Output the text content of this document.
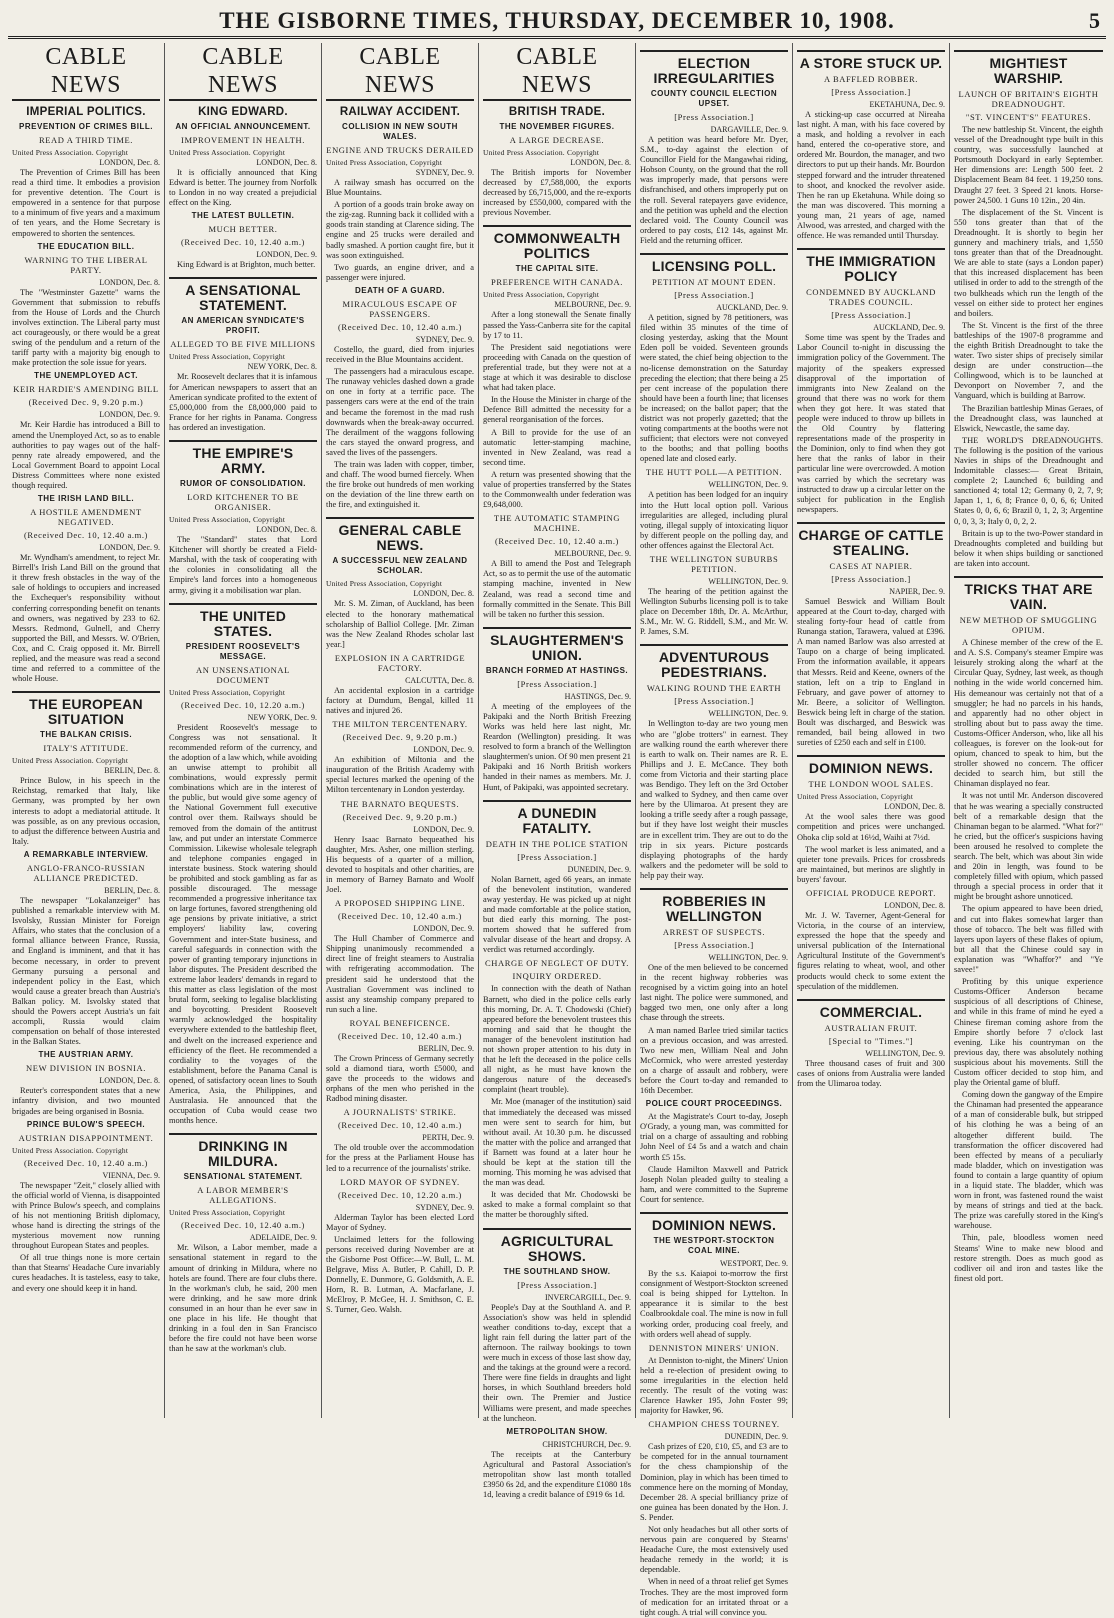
THE GISBORNE TIMES, THURSDAY, DECEMBER 10, 1908.	5
CABLE NEWS
IMPERIAL POLITICS.
PREVENTION OF CRIMES BILL.
READ A THIRD TIME.
United Press Association. Copyright
LONDON, Dec. 8.

The Prevention of Crimes Bill has been read a third time. It embodies a provision for preventive detention. The Court is empowered in a sentence for that purpose to a minimum of five years and a maximum of ten years, and the Home Secretary is empowered to shorten the sentences.

THE EDUCATION BILL.
WARNING TO THE LIBERAL PARTY.
LONDON, Dec. 8.

The "Westminster Gazette" warns the Government that submission to rebuffs from the House of Lords and the Church involves extinction. The Liberal party must act courageously, or there would be a great swing of the pendulum and a return of the tariff party with a majority big enough to make protection the sole issue for years.

THE UNEMPLOYED ACT.
KEIR HARDIE'S AMENDING BILL
(Received Dec. 9, 9.20 p.m.)
LONDON, Dec. 9.

Mr. Keir Hardie has introduced a Bill to amend the Unemployed Act, so as to enable authorities to pay wages out of the half-penny rate already empowered, and the Local Government Board to appoint Local Distress Committees where none existed though required.

THE IRISH LAND BILL.
A HOSTILE AMENDMENT NEGATIVED.
(Received Dec. 10, 12.40 a.m.)
LONDON, Dec. 9.

Mr. Wyndham's amendment, to reject Mr. Birrell's Irish Land Bill on the ground that it threw fresh obstacles in the way of the sale of holdings to occupiers and increased the Exchequer's responsibility without conferring corresponding benefit on tenants and owners, was negatived by 233 to 62. Messrs. Redmond, Gulnell, and Cherry supported the Bill, and Messrs. W. O'Brien, Cox, and C. Craig opposed it. Mr. Birrell replied, and the measure was read a second time and referred to a committee of the whole House.

THE EUROPEAN SITUATION
THE BALKAN CRISIS.
ITALY'S ATTITUDE.
United Press Association. Copyright
BERLIN, Dec. 8.

Prince Bulow, in his speech in the Reichstag, remarked that Italy, like Germany, was prompted by her own interests to adopt a mediatorial attitude. It was possible, as on any previous occasion, to adjust the difference between Austria and Italy.

A REMARKABLE INTERVIEW.
ANGLO-FRANCO-RUSSIAN ALLIANCE PREDICTED.
BERLIN, Dec. 8.

The newspaper "Lokalanzeiger" has published a remarkable interview with M. Isvolsky, Russian Minister for Foreign Affairs, who states that the conclusion of a formal alliance between France, Russia, and England is imminent, and that it has become necessary, in order to prevent Germany pursuing a personal and independent policy in the East, which would cause a greater breach than Austria's Balkan policy. M. Isvolsky stated that should the Powers accept Austria's un fait accompli, Russia would claim compensation on behalf of those interested in the Balkan States.

THE AUSTRIAN ARMY.
NEW DIVISION IN BOSNIA.
LONDON, Dec. 8.

Reuter's correspondent states that a new infantry division, and two mounted brigades are being organised in Bosnia.

PRINCE BULOW'S SPEECH.
AUSTRIAN DISAPPOINTMENT.
United Press Association. Copyright
(Received Dec. 10, 12.40 a.m.)
VIENNA, Dec. 9.

The newspaper "Zeit," closely allied with the official world of Vienna, is disappointed with Prince Bulow's speech, and complains of his not mentioning British diplomacy, whose hand is directing the strings of the mysterious movement now running throughout European States and peoples.

Of all true things none is more certain than that Stearns' Headache Cure invariably cures headaches. It is tasteless, easy to take, and every one should keep it in hand.

CABLE NEWS
KING EDWARD.
AN OFFICIAL ANNOUNCEMENT.
IMPROVEMENT IN HEALTH.
United Press Association. Copyright
LONDON, Dec. 8.

It is officially announced that King Edward is better. The journey from Norfolk to London in no way created a prejudicial effect on the King.

THE LATEST BULLETIN.
MUCH BETTER.
(Received Dec. 10, 12.40 a.m.)
LONDON, Dec. 9.

King Edward is at Brighton, much better.

A SENSATIONAL STATEMENT.
AN AMERICAN SYNDICATE'S PROFIT.
ALLEGED TO BE FIVE MILLIONS
United Press Association, Copyright
NEW YORK, Dec. 8.

Mr. Roosevelt declares that it is infamous for American newspapers to assert that an American syndicate profited to the extent of £5,000,000 from the £8,000,000 paid to France for her rights in Panama. Congress has ordered an investigation.

THE EMPIRE'S ARMY.
RUMOR OF CONSOLIDATION.
LORD KITCHENER TO BE ORGANISER.
United Press Association, Copyright
LONDON, Dec. 8.

The "Standard" states that Lord Kitchener will shortly be created a Field-Marshal, with the task of cooperating with the colonies in consolidating all the Empire's land forces into a homogeneous army, giving it a mobilisation war plan.

THE UNITED STATES.
PRESIDENT ROOSEVELT'S MESSAGE.
AN UNSENSATIONAL DOCUMENT
United Press Association, Copyright
(Received Dec. 10, 12.20 a.m.)
NEW YORK, Dec. 9.

President Roosevelt's message to Congress was not sensational. It recommended reform of the currency, and the adoption of a law which, while avoiding an unwise attempt to prohibit all combinations, would expressly permit combinations which are in the interest of the public, but would give some agency of the National Government full executive control over them. Railways should be removed from the domain of the antitrust law, and put under an interstate Commerce Commission. Likewise wholesale telegraph and telephone companies engaged in interstate business. Stock watering should be prohibited and stock gambling as far as possible discouraged. The message recommended a progressive inheritance tax on large fortunes, favored strengthening old age pensions by private initiative, a strict employers' liability law, covering Government and inter-State business, and careful safeguards in connection with the power of granting temporary injunctions in labor disputes. The President described the extreme labor leaders' demands in regard to this matter as class legislation of the most brutal form, seeking to legalise blacklisting and boycotting. President Roosevelt warmly acknowledged the hospitality everywhere extended to the battleship fleet, and dwelt on the increased experience and efficiency of the fleet. He recommended a cordiality to the voyages of the establishment, before the Panama Canal is opened, of satisfactory ocean lines to South America, Asia, the Philippines, and Australasia. He announced that the occupation of Cuba would cease two months hence.

DRINKING IN MILDURA.
SENSATIONAL STATEMENT.
A LABOR MEMBER'S ALLEGATIONS.
United Press Association, Copyright
(Received Dec. 10, 12.40 a.m.)
ADELAIDE, Dec. 9.

Mr. Wilson, a Labor member, made a sensational statement in regard to the amount of drinking in Mildura, where no hotels are found. There are four clubs there. In the workman's club, he said, 200 men were drinking, and he saw more drink consumed in an hour than he ever saw in one place in his life. He thought that drinking in a foul den in San Francisco before the fire could not have been worse than he saw at the workman's club.

CABLE NEWS
RAILWAY ACCIDENT.
COLLISION IN NEW SOUTH WALES.
ENGINE AND TRUCKS DERAILED
United Press Association, Copyright
SYDNEY, Dec. 9.

A railway smash has occurred on the Blue Mountains.

A portion of a goods train broke away on the zig-zag. Running back it collided with a goods train standing at Clarence siding. The engine and 25 trucks were derailed and badly smashed. A portion caught fire, but it was soon extinguished.

Two guards, an engine driver, and a passenger were injured.

DEATH OF A GUARD.
MIRACULOUS ESCAPE OF PASSENGERS.
(Received Dec. 10, 12.40 a.m.)
SYDNEY, Dec. 9.

Costello, the guard, died from injuries received in the Blue Mountains accident.

The passengers had a miraculous escape. The runaway vehicles dashed down a grade on one in forty at a terrific pace. The passengers cars were at the end of the train and became the foremost in the mad rush downwards when the break-away occurred. The derailment of the waggons following the cars stayed the onward progress, and saved the lives of the passengers.

The train was laden with copper, timber, and chaff. The wood burned fiercely. When the fire broke out hundreds of men working on the deviation of the line threw earth on the fire, and extinguished it.

GENERAL CABLE NEWS.
A SUCCESSFUL NEW ZEALAND SCHOLAR.
United Press Association, Copyright
LONDON, Dec. 8.

Mr. S. M. Ziman, of Auckland, has been elected to the honorary mathematical scholarship of Balliol College. [Mr. Ziman was the New Zealand Rhodes scholar last year.]

EXPLOSION IN A CARTRIDGE FACTORY.
CALCUTTA, Dec. 8.

An accidental explosion in a cartridge factory at Dumdum, Bengal, killed 11 natives and injured 26.

THE MILTON TERCENTENARY.
(Received Dec. 9, 9.20 p.m.)
LONDON, Dec. 9.

An exhibition of Miltonia and the inauguration of the British Academy with special lectures marked the opening of the Milton tercentenary in London yesterday.

THE BARNATO BEQUESTS.
(Received Dec. 9, 9.20 p.m.)
LONDON, Dec. 9.

Henry Isaac Barnato bequeathed his daughter, Mrs. Asher, one million sterling. His bequests of a quarter of a million, devoted to hospitals and other charities, are in memory of Barney Barnato and Woolf Joel.

A PROPOSED SHIPPING LINE.
(Received Dec. 10, 12.40 a.m.)
LONDON, Dec. 9.

The Hull Chamber of Commerce and Shipping unanimously recommended a direct line of freight steamers to Australia with refrigerating accommodation. The president said he understood that the Australian Government was inclined to assist any steamship company prepared to run such a line.

ROYAL BENEFICENCE.
(Received Dec. 10, 12.40 a.m.)
BERLIN, Dec. 9.

The Crown Princess of Germany secretly sold a diamond tiara, worth £5000, and gave the proceeds to the widows and orphans of the men who perished in the Radbod mining disaster.

A JOURNALISTS' STRIKE.
(Received Dec. 10, 12.40 a.m.)
PERTH, Dec. 9.

The old trouble over the accommodation for the press at the Parliament House has led to a recurrence of the journalists' strike.

LORD MAYOR OF SYDNEY.
(Received Dec. 10, 12.20 a.m.)
SYDNEY, Dec. 9.

Alderman Taylor has been elected Lord Mayor of Sydney.

Unclaimed letters for the following persons received during November are at the Gisborne Post Office:—W. Bull, L. M. Belgrave, Miss A. Butler, P. Cahill, D. P. Donnelly, E. Dunmore, G. Goldsmith, A. E. Horn, R. B. Lutman, A. Macfarlane, J. McElroy, P. McGee, H. J. Smithson, C. E. S. Turner, Geo. Walsh.

CABLE NEWS
BRITISH TRADE.
THE NOVEMBER FIGURES.
A LARGE DECREASE.
United Press Association. Copyright
LONDON, Dec. 8.

The British imports for November decreased by £7,588,000, the exports decreased by £6,715,000, and the re-exports increased by £550,000, compared with the previous November.

COMMONWEALTH POLITICS
THE CAPITAL SITE.
PREFERENCE WITH CANADA.
United Press Association, Copyright
MELBOURNE, Dec. 9.

After a long stonewall the Senate finally passed the Yass-Canberra site for the capital by 17 to 11.

The President said negotiations were proceeding with Canada on the question of preferential trade, but they were not at a stage at which it was desirable to disclose what had taken place.

In the House the Minister in charge of the Defence Bill admitted the necessity for a general reorganisation of the forces.

A Bill to provide for the use of an automatic letter-stamping machine, invented in New Zealand, was read a second time.

A return was presented showing that the value of properties transferred by the States to the Commonwealth under federation was £9,648,000.

THE AUTOMATIC STAMPING MACHINE.
(Received Dec. 10, 12.40 a.m.)
MELBOURNE, Dec. 9.

A Bill to amend the Post and Telegraph Act, so as to permit the use of the automatic stamping machine, invented in New Zealand, was read a second time and formally committed in the Senate. This Bill will be taken no further this session.

SLAUGHTERMEN'S UNION.
BRANCH FORMED AT HASTINGS.
[Press Association.]
HASTINGS, Dec. 9.

A meeting of the employees of the Pakipaki and the North British Freezing Works was held here last night, Mr. Reardon (Wellington) presiding. It was resolved to form a branch of the Wellington slaughtermen's union. Of 90 men present 21 Pakipaki and 16 North British workers handed in their names as members. Mr. J. Hunt, of Pakipaki, was appointed secretary.

A DUNEDIN FATALITY.
DEATH IN THE POLICE STATION
[Press Association.]
DUNEDIN, Dec. 9.

Nolan Barnett, aged 66 years, an inmate of the benevolent institution, wandered away yesterday. He was picked up at night and made comfortable at the police station, but died early this morning. The post-mortem showed that he suffered from valvular disease of the heart and dropsy. A verdict was returned accordingly.

CHARGE OF NEGLECT OF DUTY.
INQUIRY ORDERED.

In connection with the death of Nathan Barnett, who died in the police cells early this morning, Dr. A. T. Chodowski (Chief) appeared before the benevolent trustees this morning and said that he thought the manager of the benevolent institution had not shown proper attention to his duty in that he left the deceased in the police cells all night, as he must have known the dangerous nature of the deceased's complaint (heart trouble).

Mr. Moe (manager of the institution) said that immediately the deceased was missed men were sent to search for him, but without avail. At 10.30 p.m. he discussed the matter with the police and arranged that if Barnett was found at a later hour he should be kept at the station till the morning. This morning he was advised that the man was dead.

It was decided that Mr. Chodowski be asked to make a formal complaint so that the matter be thoroughly sifted.

AGRICULTURAL SHOWS.
THE SOUTHLAND SHOW.
[Press Association.]
INVERCARGILL, Dec. 9.

People's Day at the Southland A. and P. Association's show was held in splendid weather conditions to-day, except that a light rain fell during the latter part of the afternoon. The railway bookings to town were much in excess of those last show day, and the takings at the ground were a record. There were fine fields in draughts and light horses, in which Southland breeders hold their own. The Premier and Justice Williams were present, and made speeches at the luncheon.

METROPOLITAN SHOW.
CHRISTCHURCH, Dec. 9.

The receipts at the Canterbury Agricultural and Pastoral Association's metropolitan show last month totalled £3950 6s 2d, and the expenditure £1080 18s 1d, leaving a credit balance of £919 6s 1d.

ELECTION IRREGULARITIES
COUNTY COUNCIL ELECTION UPSET.
[Press Association.]
DARGAVILLE, Dec. 9.

A petition was heard before Mr. Dyer, S.M., to-day against the election of Councillor Field for the Mangawhai riding, Hobson County, on the ground that the roll was improperly made, that persons were disfranchised, and others improperly put on the roll. Several ratepayers gave evidence, and the petition was upheld and the election declared void. The County Council was ordered to pay costs, £12 14s, against Mr. Field and the returning officer.

LICENSING POLL.
PETITION AT MOUNT EDEN.
[Press Association.]
AUCKLAND, Dec. 9.

A petition, signed by 78 petitioners, was filed within 35 minutes of the time of closing yesterday, asking that the Mount Eden poll be voided. Seventeen grounds were stated, the chief being objection to the no-license demonstration on the Saturday preceding the election; that there being a 25 per cent increase of the population there should have been a fourth line; that licenses be increased; on the ballot paper; that the district was not properly gazetted; that the voting compartments at the booths were not sufficient; that electors were not conveyed to the booths; and that polling booths opened late and closed early.

THE HUTT POLL—A PETITION.
WELLINGTON, Dec. 9.

A petition has been lodged for an inquiry into the Hutt local option poll. Various irregularities are alleged, including plural voting, illegal supply of intoxicating liquor by different people on the polling day, and other offences against the Electoral Act.

THE WELLINGTON SUBURBS PETITION.
WELLINGTON, Dec. 9.

The hearing of the petition against the Wellington Suburbs licensing poll is to take place on December 18th, Dr. A. McArthur, S.M., Mr. W. G. Riddell, S.M., and Mr. W. P. James, S.M.

ADVENTUROUS PEDESTRIANS.
WALKING ROUND THE EARTH
[Press Association.]
WELLINGTON, Dec. 9.

In Wellington to-day are two young men who are "globe trotters" in earnest. They are walking round the earth wherever there is earth to walk on. Their names are R. E. Phillips and J. E. McCance. They both come from Victoria and their starting place was Bendigo. They left on the 3rd October and walked to Sydney, and then came over here by the Ulimaroa. At present they are looking a trifle seedy after a rough passage, but if they have lost weight their muscles are in excellent trim. They are out to do the trip in six years. Picture postcards displaying photographs of the hardy walkers and the pedometer will be sold to help pay their way.

ROBBERIES IN WELLINGTON
ARREST OF SUSPECTS.
[Press Association.]
WELLINGTON, Dec. 9.

One of the men believed to be concerned in the recent highway robberies was recognised by a victim going into an hotel last night. The police were summoned, and bagged two men, one only after a long chase through the streets.

A man named Barlee tried similar tactics on a previous occasion, and was arrested. Two new men, William Neal and John McCormick, who were arrested yesterday on a charge of assault and robbery, were before the Court to-day and remanded to 16th December.

POLICE COURT PROCEEDINGS.

At the Magistrate's Court to-day, Joseph O'Grady, a young man, was committed for trial on a charge of assaulting and robbing John Neel of £4 5s and a watch and chain worth £5 15s.

Claude Hamilton Maxwell and Patrick Joseph Nolan pleaded guilty to stealing a ham, and were committed to the Supreme Court for sentence.

DOMINION NEWS.
THE WESTPORT-STOCKTON COAL MINE.
WESTPORT, Dec. 9.

By the s.s. Kaiapoi to-morrow the first consignment of Westport-Stockton screened coal is being shipped for Lyttelton. In appearance it is similar to the best Coalbrookdale coal. The mine is now in full working order, producing coal freely, and with orders well ahead of supply.

DENNISTON MINERS' UNION.

At Denniston to-night, the Miners' Union held a re-election of president owing to some irregularities in the election held recently. The result of the voting was: Clarence Hawker 195, John Foster 99; majority for Hawker, 96.

CHAMPION CHESS TOURNEY.
DUNEDIN, Dec. 9.

Cash prizes of £20, £10, £5, and £3 are to be competed for in the annual tournament for the chess championship of the Dominion, play in which has been timed to commence here on the morning of Monday, December 28. A special brilliancy prize of one guinea has been donated by the Hon. J. S. Pender.

Not only headaches but all other sorts of nervous pain are conquered by Stearns' Headache Cure, the most extensively used headache remedy in the world; it is dependable.

When in need of a throat relief get Symes Troches. They are the most improved form of medication for an irritated throat or a tight cough. A trial will convince you.

A STORE STUCK UP.
A BAFFLED ROBBER.
[Press Association.]
EKETAHUNA, Dec. 9.

A sticking-up case occurred at Nireaha last night. A man, with his face covered by a mask, and holding a revolver in each hand, entered the co-operative store, and ordered Mr. Bourdon, the manager, and two directors to put up their hands. Mr. Bourdon stepped forward and the intruder threatened to shoot, and knocked the revolver aside. Then he ran up Eketahuna. While doing so the man was discovered. This morning a young man, 21 years of age, named Alwood, was arrested, and charged with the offence. He was remanded until Thursday.

THE IMMIGRATION POLICY
CONDEMNED BY AUCKLAND TRADES COUNCIL.
[Press Association.]
AUCKLAND, Dec. 9.

Some time was spent by the Trades and Labor Council to-night in discussing the immigration policy of the Government. The majority of the speakers expressed disapproval of the importation of immigrants into New Zealand on the ground that there was no work for them when they got here. It was stated that people were induced to throw up billets in the Old Country by flattering representations made of the prosperity in the Dominion, only to find when they got here that the ranks of labor in their particular line were overcrowded. A motion was carried by which the secretary was instructed to draw up a circular letter on the subject for publication in the English newspapers.

CHARGE OF CATTLE STEALING.
CASES AT NAPIER.
[Press Association.]
NAPIER, Dec. 9.

Samuel Beswick and William Boult appeared at the Court to-day, charged with stealing forty-four head of cattle from Runanga station, Tarawera, valued at £396. A man named Barlow was also arrested at Taupo on a charge of being implicated. From the information available, it appears that Messrs. Reid and Keene, owners of the station, left on a trip to England in February, and gave power of attorney to Mr. Beere, a solicitor of Wellington. Beswick being left in charge of the station. Boult was discharged, and Beswick was remanded, bail being allowed in two sureties of £250 each and self in £100.

DOMINION NEWS.
THE LONDON WOOL SALES.
United Press Association, Copyright
LONDON, Dec. 8.

At the wool sales there was good competition and prices were unchanged. Ohoka clip sold at 16½d, Waihi at 7½d.

The wool market is less animated, and a quieter tone prevails. Prices for crossbreds are maintained, but merinos are slightly in buyers' favour.

OFFICIAL PRODUCE REPORT.
LONDON, Dec. 8.

Mr. J. W. Taverner, Agent-General for Victoria, in the course of an interview, expressed the hope that the speedy and universal publication of the International Agricultural Institute of the Government's figures relating to wheat, wool, and other products would check to some extent the speculation of the middlemen.

COMMERCIAL.
AUSTRALIAN FRUIT.
[Special to "Times."]
WELLINGTON, Dec. 9.

Three thousand cases of fruit and 300 cases of onions from Australia were landed from the Ulimaroa today.

MIGHTIEST WARSHIP.
LAUNCH OF BRITAIN'S EIGHTH DREADNOUGHT.
"ST. VINCENT'S" FEATURES.

The new battleship St. Vincent, the eighth vessel of the Dreadnought type built in this country, was successfully launched at Portsmouth Dockyard in early September. Her dimensions are: Length 500 feet. 2 Displacement Beam 84 feet. 1 19,250 tons. Draught 27 feet. 3 Speed 21 knots. Horse-power 24,500. 1 Guns 10 12in., 20 4in.

The displacement of the St. Vincent is 550 tons greater than that of the Dreadnought. It is shortly to begin her gunnery and machinery trials, and 1,550 tons greater than that of the Dreadnought. We are able to state (says a London paper) that this increased displacement has been utilised in order to add to the strength of the two bulkheads which run the length of the vessel on either side to protect her engines and boilers.

The St. Vincent is the first of the three battleships of the 1907-8 programme and the eighth British Dreadnought to take the water. Two sister ships of precisely similar design are under construction—the Collingwood, which is to be launched at Devonport on November 7, and the Vanguard, which is building at Barrow.

The Brazilian battleship Minas Geraes, of the Dreadnought class, was launched at Elswick, Newcastle, the same day.

THE WORLD'S DREADNOUGHTS. The following is the position of the various Navies in ships of the Dreadnought and Indomitable classes:— Great Britain, complete 2; Launched 6; building and sanctioned 4; total 12; Germany 0, 2, 7, 9; Japan 1, 1, 6, 8; France 0, 0, 6, 6; United States 0, 0, 6, 6; Brazil 0, 1, 2, 3; Argentine 0, 0, 3, 3; Italy 0, 0, 2, 2.

Britain is up to the two-Power standard in Dreadnoughts completed and building but below it when ships building or sanctioned are taken into account.

TRICKS THAT ARE VAIN.
NEW METHOD OF SMUGGLING OPIUM.

A Chinese member of the crew of the E. and A. S.S. Company's steamer Empire was leisurely stroking along the wharf at the Circular Quay, Sydney, last week, as though nothing in the wide world concerned him. His demeanour was certainly not that of a smuggler; he had no parcels in his hands, and apparently had no other object in strolling about but to pass away the time. Customs-Officer Anderson, who, like all his colleagues, is forever on the look-out for opium, chanced to speak to him, but the stroller showed no concern. The officer decided to search him, but still the Chinaman displayed no fear.

It was not until Mr. Anderson discovered that he was wearing a specially constructed belt of a remarkable design that the Chinaman began to be alarmed. "What for?" he cried, but the officer's suspicions having been aroused he resolved to complete the search. The belt, which was about 3in wide and 20in in length, was found to be completely filled with opium, which passed through a special process in order that it might be brought ashore unnoticed.

The opium appeared to have been dried, and cut into flakes somewhat larger than those of tobacco. The belt was filled with layers upon layers of these flakes of opium, but all that the Chinese could say in explanation was "Whaffor?" and "Ye savee!"

Profiting by this unique experience Customs-Officer Anderson became suspicious of all descriptions of Chinese, and while in this frame of mind he eyed a Chinese fireman coming ashore from the Empire shortly before 7 o'clock last evening. Like his countryman on the previous day, there was absolutely nothing suspicious about his movements. Still the Custom officer decided to stop him, and play the Oriental game of bluff.

Coming down the gangway of the Empire the Chinaman had presented the appearance of a man of considerable bulk, but stripped of his clothing he was a being of an altogether different build. The transformation the officer discovered had been effected by means of a peculiarly made bladder, which on investigation was found to contain a large quantity of opium in a liquid state. The bladder, which was worn in front, was fastened round the waist by means of strings and tied at the back. The prize was carefully stored in the King's warehouse.

Thin, pale, bloodless women need Steams' Wine to make new blood and restore strength. Does as much good as codliver oil and iron and tastes like the finest old port.
